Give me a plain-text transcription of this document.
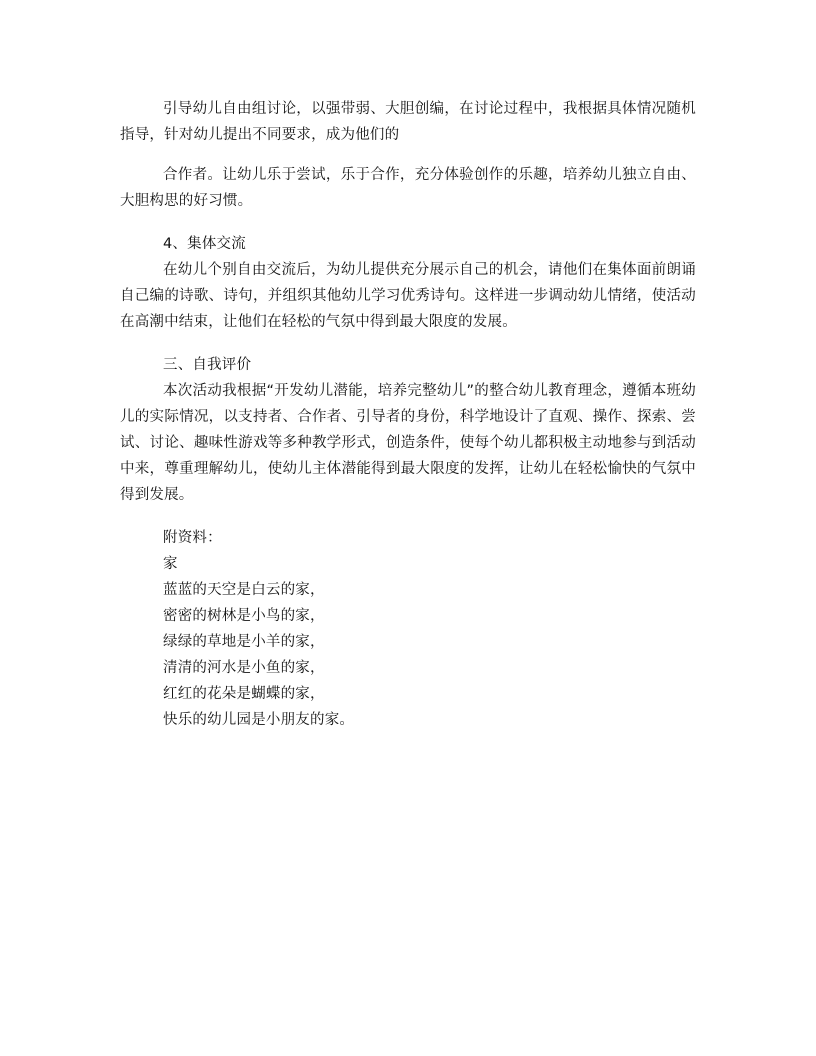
引导幼儿自由组讨论，以强带弱、大胆创编，在讨论过程中，我根据具体情况随机指导，针对幼儿提出不同要求，成为他们的

合作者。让幼儿乐于尝试，乐于合作，充分体验创作的乐趣，培养幼儿独立自由、大胆构思的好习惯。

4、集体交流

在幼儿个别自由交流后，为幼儿提供充分展示自己的机会，请他们在集体面前朗诵自己编的诗歌、诗句，并组织其他幼儿学习优秀诗句。这样进一步调动幼儿情绪，使活动在高潮中结束，让他们在轻松的气氛中得到最大限度的发展。

三、自我评价

本次活动我根据“开发幼儿潜能，培养完整幼儿”的整合幼儿教育理念，遵循本班幼儿的实际情况，以支持者、合作者、引导者的身份，科学地设计了直观、操作、探索、尝试、讨论、趣味性游戏等多种教学形式，创造条件，使每个幼儿都积极主动地参与到活动中来，尊重理解幼儿，使幼儿主体潜能得到最大限度的发挥，让幼儿在轻松愉快的气氛中得到发展。

附资料：

家

蓝蓝的天空是白云的家，

密密的树林是小鸟的家，

绿绿的草地是小羊的家，

清清的河水是小鱼的家，

红红的花朵是蝴蝶的家，

快乐的幼儿园是小朋友的家。
